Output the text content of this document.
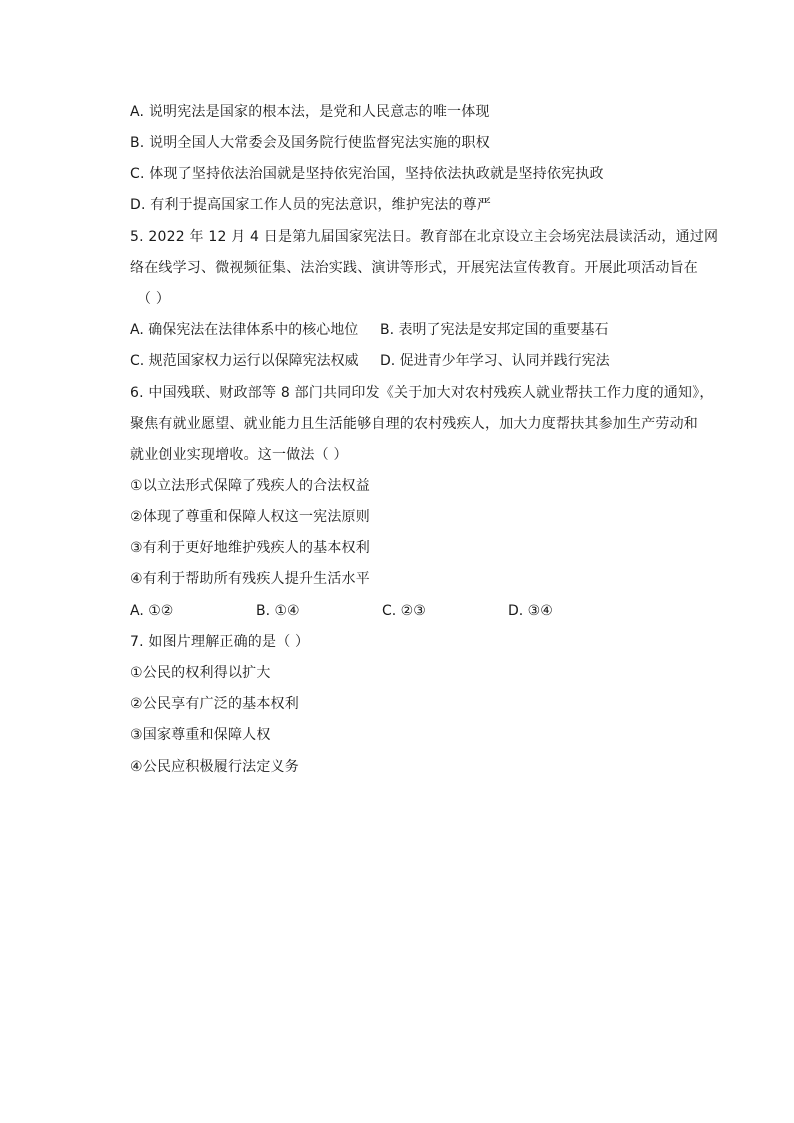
A. 说明宪法是国家的根本法，是党和人民意志的唯一体现
B. 说明全国人大常委会及国务院行使监督宪法实施的职权
C. 体现了坚持依法治国就是坚持依宪治国，坚持依法执政就是坚持依宪执政
D. 有利于提高国家工作人员的宪法意识，维护宪法的尊严
5. 2022 年 12 月 4 日是第九届国家宪法日。教育部在北京设立主会场宪法晨读活动，通过网
络在线学习、微视频征集、法治实践、演讲等形式，开展宪法宣传教育。开展此项活动旨在
（ ）
A. 确保宪法在法律体系中的核心地位 B. 表明了宪法是安邦定国的重要基石
C. 规范国家权力运行以保障宪法权威 D. 促进青少年学习、认同并践行宪法
6. 中国残联、财政部等 8 部门共同印发《关于加大对农村残疾人就业帮扶工作力度的通知》，
聚焦有就业愿望、就业能力且生活能够自理的农村残疾人，加大力度帮扶其参加生产劳动和
就业创业实现增收。这一做法（ ）
①以立法形式保障了残疾人的合法权益
②体现了尊重和保障人权这一宪法原则
③有利于更好地维护残疾人的基本权利
④有利于帮助所有残疾人提升生活水平
A. ①②	B. ①④	C. ②③	D. ③④
7. 如图片理解正确的是（ ）
①公民的权利得以扩大
②公民享有广泛的基本权利
③国家尊重和保障人权
④公民应积极履行法定义务
